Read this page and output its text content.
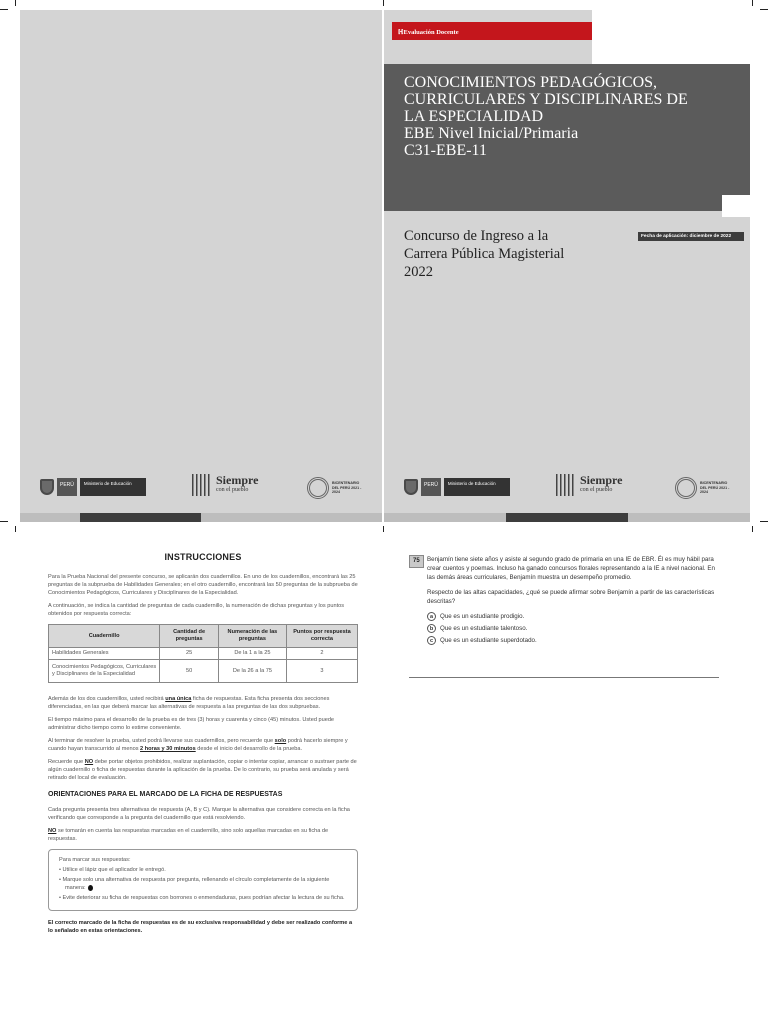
PERÚ	Ministerio de Educación	Siempre
con el pueblo
BICENTENARIO DEL PERÚ 2021 - 2024
ℍEvaluación Docente
CONOCIMIENTOS PEDAGÓGICOS,
CURRICULARES Y DISCIPLINARES DE
LA ESPECIALIDAD
EBE Nivel Inicial/Primaria
C31-EBE-11
Concurso de Ingreso a la
Carrera Pública Magisterial
2022
Fecha de aplicación: diciembre de 2022
PERÚ	Ministerio de Educación	Siempre
con el pueblo
BICENTENARIO DEL PERÚ 2021 - 2024
INSTRUCCIONES

Para la Prueba Nacional del presente concurso, se aplicarán dos cuadernillos. En uno de los cuadernillos, encontrará las 25 preguntas de la subprueba de Habilidades Generales; en el otro cuadernillo, encontrará las 50 preguntas de la subprueba de Conocimientos Pedagógicos, Curriculares y Disciplinares de la Especialidad.

A continuación, se indica la cantidad de preguntas de cada cuadernillo, la numeración de dichas preguntas y los puntos obtenidos por respuesta correcta:

Cuadernillo	Cantidad de preguntas	Numeración de las preguntas	Puntos por respuesta correcta
Habilidades Generales	25	De la 1 a la 25	2
Conocimientos Pedagógicos, Curriculares y Disciplinares de la Especialidad	50	De la 26 a la 75	3

Además de los dos cuadernillos, usted recibirá una única ficha de respuestas. Esta ficha presenta dos secciones diferenciadas, en las que deberá marcar las alternativas de respuesta a las preguntas de las dos subpruebas.

El tiempo máximo para el desarrollo de la prueba es de tres (3) horas y cuarenta y cinco (45) minutos. Usted puede administrar dicho tiempo como lo estime conveniente.

Al terminar de resolver la prueba, usted podrá llevarse sus cuadernillos, pero recuerde que solo podrá hacerlo siempre y cuando hayan transcurrido al menos 2 horas y 30 minutos desde el inicio del desarrollo de la prueba.

Recuerde que NO debe portar objetos prohibidos, realizar suplantación, copiar o intentar copiar, arrancar o sustraer parte de algún cuadernillo o ficha de respuestas durante la aplicación de la prueba. De lo contrario, su prueba será anulada y será retirado del local de evaluación.

ORIENTACIONES PARA EL MARCADO DE LA FICHA DE RESPUESTAS

Cada pregunta presenta tres alternativas de respuesta (A, B y C). Marque la alternativa que considere correcta en la ficha verificando que corresponde a la pregunta del cuadernillo que está resolviendo.

NO se tomarán en cuenta las respuestas marcadas en el cuadernillo, sino solo aquellas marcadas en su ficha de respuestas.

Para marcar sus respuestas:
• Utilice el lápiz que el aplicador le entregó.
• Marque solo una alternativa de respuesta por pregunta, rellenando el círculo completamente de la siguiente manera:
• Evite deteriorar su ficha de respuestas con borrones o enmendaduras, pues podrían afectar la lectura de su ficha.

El correcto marcado de la ficha de respuestas es de su exclusiva responsabilidad y debe ser realizado conforme a lo señalado en estas orientaciones.

75	Benjamín tiene siete años y asiste al segundo grado de primaria en una IE de EBR. Él es muy hábil para crear cuentos y poemas. Incluso ha ganado concursos florales representando a la IE a nivel nacional. En las demás áreas curriculares, Benjamín muestra un desempeño promedio.

Respecto de las altas capacidades, ¿qué se puede afirmar sobre Benjamín a partir de las características descritas?

a	Que es un estudiante prodigio.
b	Que es un estudiante talentoso.
c	Que es un estudiante superdotado.
